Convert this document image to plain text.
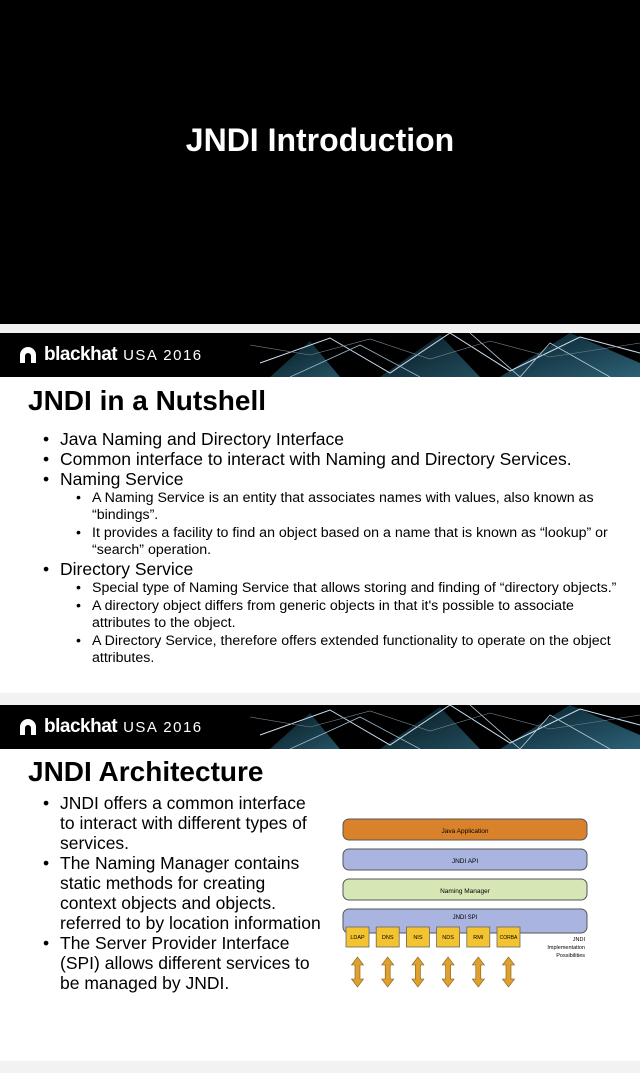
JNDI Introduction
blackhat USA 2016
JNDI in a Nutshell
• Java Naming and Directory Interface
• Common interface to interact with Naming and Directory Services.
• Naming Service
• A Naming Service is an entity that associates names with values, also known as “bindings”.
• It provides a facility to find an object based on a name that is known as “lookup” or “search” operation.
• Directory Service
• Special type of Naming Service that allows storing and finding of “directory objects.”
• A directory object differs from generic objects in that it's possible to associate attributes to the object.
• A Directory Service, therefore offers extended functionality to operate on the object attributes.
blackhat USA 2016
JNDI Architecture
• JNDI offers a common interface to interact with different types of services.
• The Naming Manager contains static methods for creating context objects and objects. referred to by location information
• The Server Provider Interface (SPI) allows different services to be managed by JNDI.
Java Application
JNDI API
Naming Manager
JNDI SPI
LDAP	DNS	NIS	NDS	RMI	CORBA	JNDI
Implementation
Possibilities
